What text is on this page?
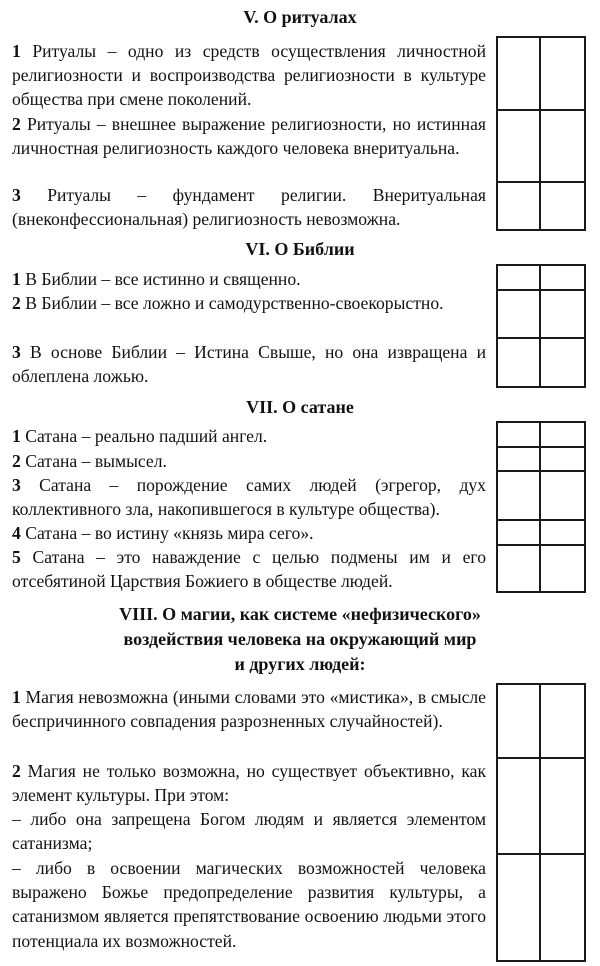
V. О ритуалах
1 Ритуалы – одно из средств осуществления личностной религиозности и воспроизводства религиозности в культуре общества при смене поколений.
2 Ритуалы – внешнее выражение религиозности, но истинная личностная религиозность каждого человека внеритуальна.
3 Ритуалы – фундамент религии. Внеритуальная (внеконфессиональная) религиозность невозможна.
VI. О Библии
1 В Библии – все истинно и священно.
2 В Библии – все ложно и самодурственно-своекорыстно.
3 В основе Библии – Истина Свыше, но она извращена и облеплена ложью.
VII. О сатане
1 Сатана – реально падший ангел.
2 Сатана – вымысел.
3 Сатана – порождение самих людей (эгрегор, дух коллективного зла, накопившегося в культуре общества).
4 Сатана – во истину «князь мира сего».
5 Сатана – это наваждение с целью подмены им и его отсебятиной Царствия Божиего в обществе людей.
VIII. О магии, как системе «нефизического»
воздействия человека на окружающий мир
и других людей:
1 Магия невозможна (иными словами это «мистика», в смысле беспричинного совпадения разрозненных случайностей).
2 Магия не только возможна, но существует объективно, как элемент культуры. При этом:
– либо она запрещена Богом людям и является элементом сатанизма;
– либо в освоении магических возможностей человека выражено Божье предопределение развития культуры, а сатанизмом является препятствование освоению людьми этого потенциала их возможностей.
